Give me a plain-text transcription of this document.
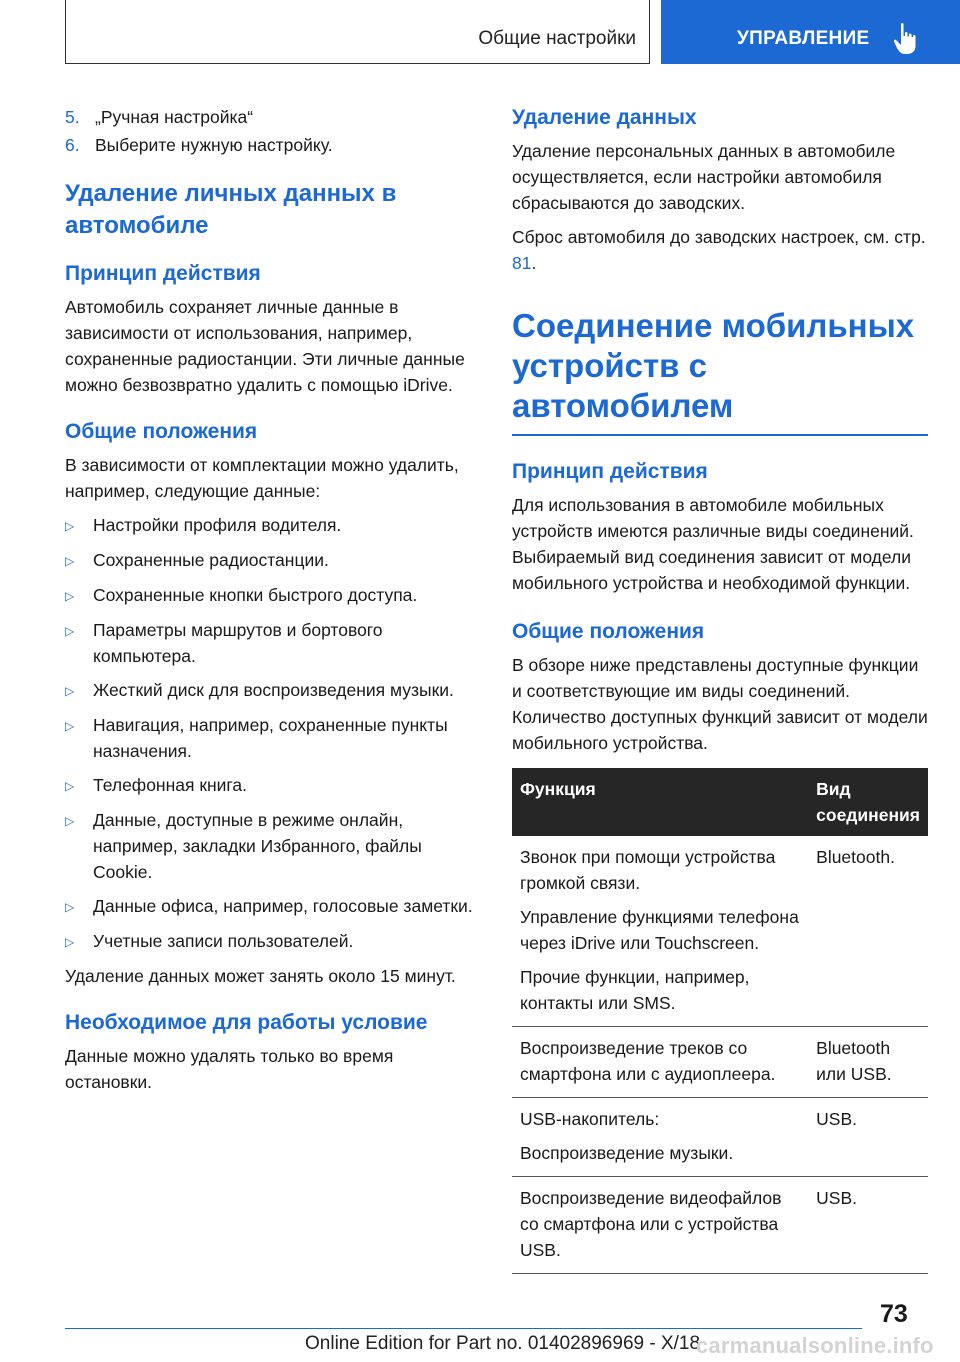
Общие настройки	УПРАВЛЕНИЕ
5. „Ручная настройка“
6. Выберите нужную настройку.
Удаление личных данных в автомобиле
Принцип действия

Автомобиль сохраняет личные данные в зависимости от использования, например, сохраненные радиостанции. Эти личные данные можно безвозвратно удалить с помощью iDrive.

Общие положения

В зависимости от комплектации можно удалить, например, следующие данные:

▷	Настройки профиля водителя.
▷	Сохраненные радиостанции.
▷	Сохраненные кнопки быстрого доступа.
▷	Параметры маршрутов и бортового компьютера.
▷	Жесткий диск для воспроизведения музыки.
▷	Навигация, например, сохраненные пункты назначения.
▷	Телефонная книга.
▷	Данные, доступные в режиме онлайн, например, закладки Избранного, файлы Cookie.
▷	Данные офиса, например, голосовые заметки.
▷	Учетные записи пользователей.

Удаление данных может занять около 15 минут.

Необходимое для работы условие

Данные можно удалять только во время остановки.

Удаление данных

Удаление персональных данных в автомобиле осуществляется, если настройки автомобиля сбрасываются до заводских.

Сброс автомобиля до заводских настроек, см. стр. 81.

Соединение мобильных устройств с автомобилем
Принцип действия

Для использования в автомобиле мобильных устройств имеются различные виды соединений. Выбираемый вид соединения зависит от модели мобильного устройства и необходимой функции.

Общие положения

В обзоре ниже представлены доступные функции и соответствующие им виды соединений. Количество доступных функций зависит от модели мобильного устройства.

Функция	Вид соединения

Звонок при помощи устройства громкой связи.

Управление функциями телефона через iDrive или Touchscreen.

Прочие функции, например, контакты или SMS.	Bluetooth.

Воспроизведение треков со смартфона или с аудиоплеера.	Bluetooth или USB.

USB-накопитель:

Воспроизведение музыки.	USB.

Воспроизведение видеофайлов со смартфона или с устройства USB.	USB.
73
Online Edition for Part no. 01402896969 - X/18
carmanualsonline.info
